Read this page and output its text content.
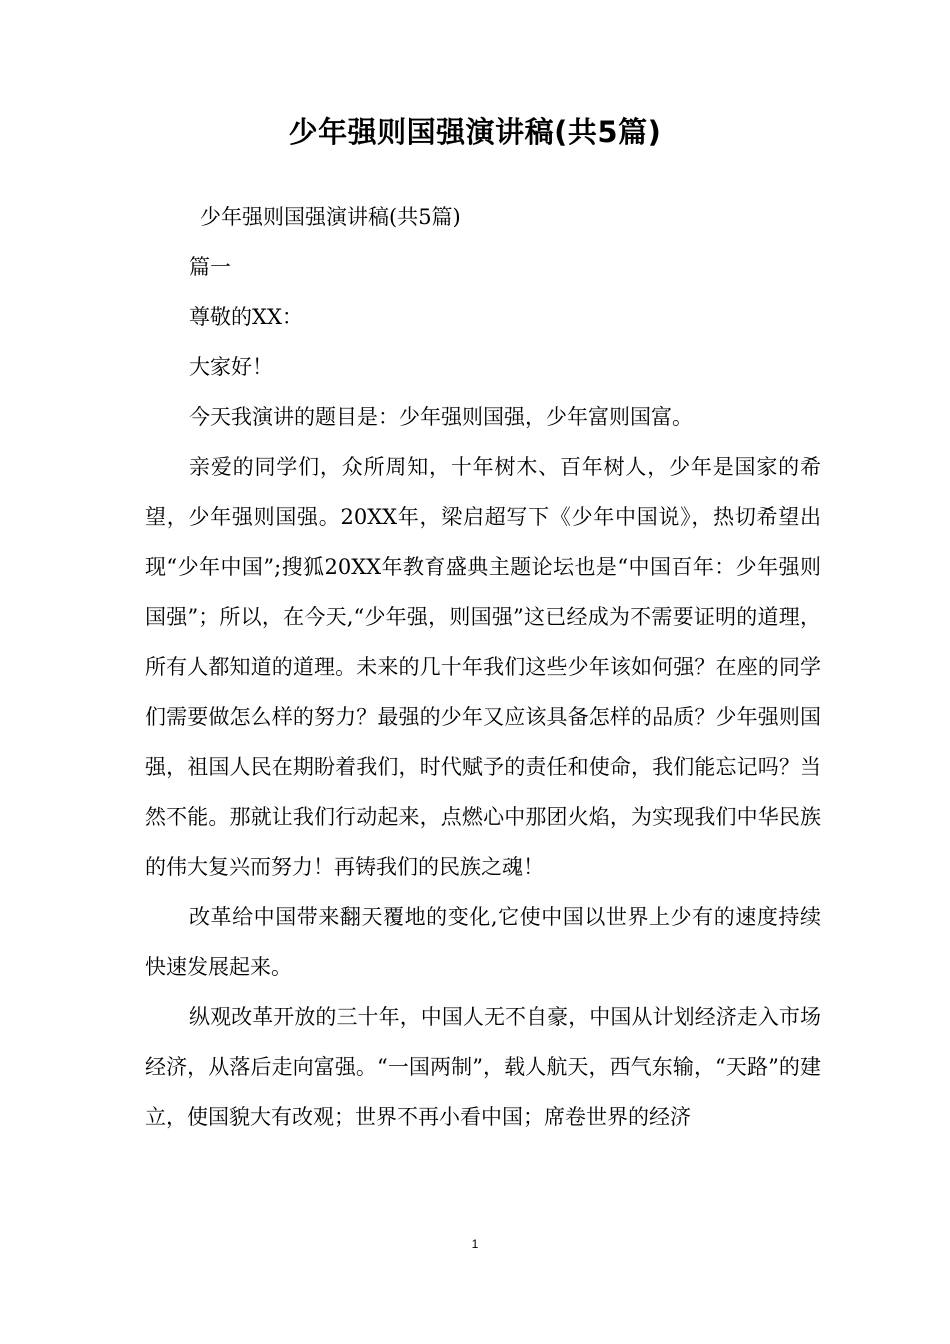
少年强则国强演讲稿(共5篇)

少年强则国强演讲稿(共5篇)

篇一

尊敬的XX：

大家好！

今天我演讲的题目是：少年强则国强，少年富则国富。

亲爱的同学们，众所周知，十年树木、百年树人，少年是国家的希望，少年强则国强。20XX年，梁启超写下《少年中国说》，热切希望出现“少年中国”;搜狐20XX年教育盛典主题论坛也是“中国百年：少年强则国强”；所以，在今天,“少年强，则国强”这已经成为不需要证明的道理，所有人都知道的道理。未来的几十年我们这些少年该如何强？在座的同学们需要做怎么样的努力？最强的少年又应该具备怎样的品质？少年强则国强，祖国人民在期盼着我们，时代赋予的责任和使命，我们能忘记吗？当然不能。那就让我们行动起来，点燃心中那团火焰，为实现我们中华民族的伟大复兴而努力！再铸我们的民族之魂！

改革给中国带来翻天覆地的变化,它使中国以世界上少有的速度持续快速发展起来。

纵观改革开放的三十年，中国人无不自豪，中国从计划经济走入市场经济，从落后走向富强。“一国两制”，载人航天，西气东输，“天路”的建立，使国貌大有改观；世界不再小看中国；席卷世界的经济

1
